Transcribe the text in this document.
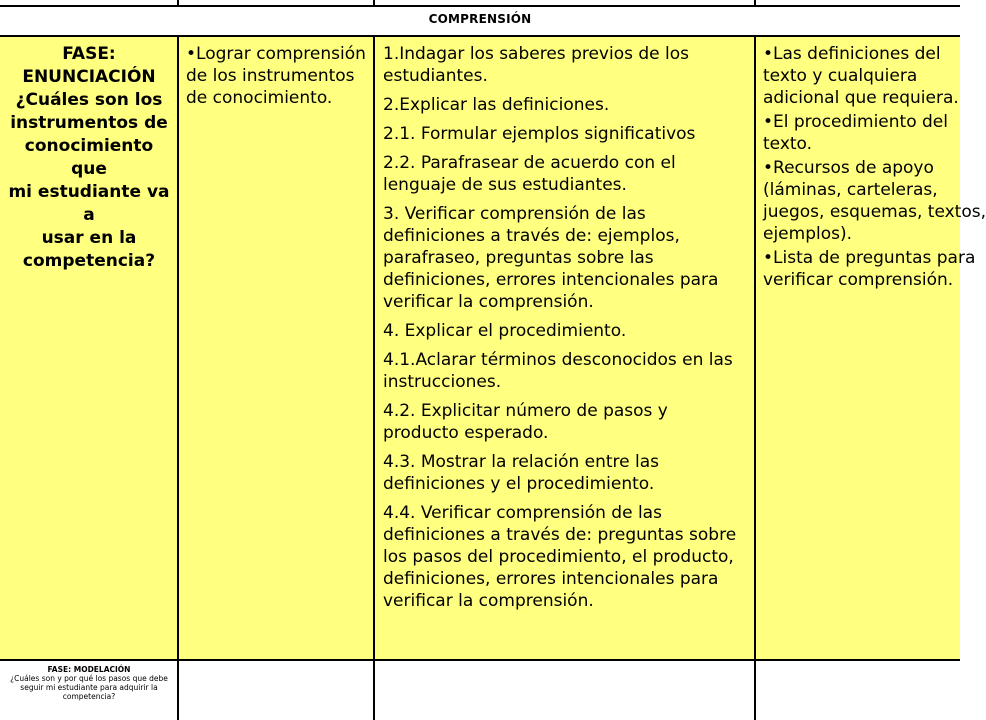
COMPRENSIÓN
FASE:
ENUNCIACIÓN
¿Cuáles son los
instrumentos de
conocimiento que
mi estudiante va a
usar en la
competencia?
•Lograr comprensión de los instrumentos de conocimiento.
1.Indagar los saberes previos de los estudiantes.
2.Explicar las definiciones.
2.1. Formular ejemplos significativos
2.2. Parafrasear de acuerdo con el lenguaje de sus estudiantes.
3. Verificar comprensión de las definiciones a través de: ejemplos, parafraseo, preguntas sobre las definiciones, errores intencionales para verificar la comprensión.
4. Explicar el procedimiento.
4.1.Aclarar términos desconocidos en las instrucciones.
4.2. Explicitar número de pasos y producto esperado.
4.3. Mostrar la relación entre las definiciones y el procedimiento.
4.4. Verificar comprensión de las definiciones a través de: preguntas sobre los pasos del procedimiento, el producto, definiciones, errores intencionales para verificar la comprensión.
•Las definiciones del
texto y cualquiera
adicional que requiera.
•El procedimiento del
texto.
•Recursos de apoyo
(láminas, carteleras,
juegos, esquemas, textos,
ejemplos).
•Lista de preguntas para
verificar comprensión.
FASE: MODELACIÓN
¿Cuáles son y por qué los pasos que debe seguir mi estudiante para adquirir la competencia?
